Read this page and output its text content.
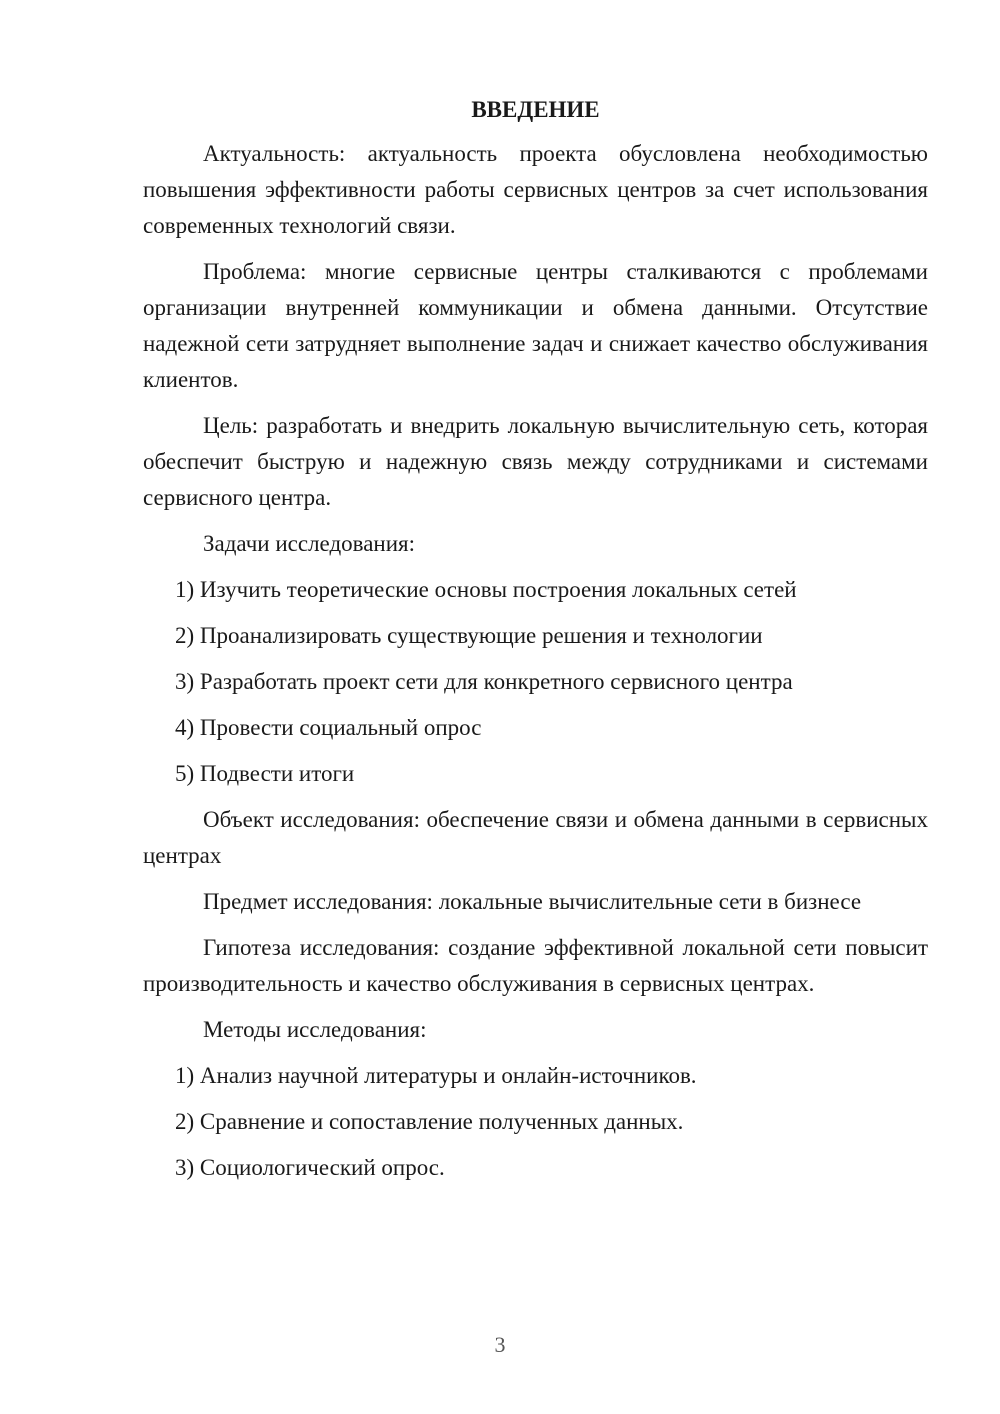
ВВЕДЕНИЕ

Актуальность: актуальность проекта обусловлена необходимостью повышения эффективности работы сервисных центров за счет использования современных технологий связи.

Проблема: многие сервисные центры сталкиваются с проблемами организации внутренней коммуникации и обмена данными. Отсутствие надежной сети затрудняет выполнение задач и снижает качество обслуживания клиентов.

Цель: разработать и внедрить локальную вычислительную сеть, которая обеспечит быструю и надежную связь между сотрудниками и системами сервисного центра.

Задачи исследования:

1) Изучить теоретические основы построения локальных сетей
2) Проанализировать существующие решения и технологии
3) Разработать проект сети для конкретного сервисного центра
4) Провести социальный опрос
5) Подвести итоги

Объект исследования: обеспечение связи и обмена данными в сервисных центрах

Предмет исследования: локальные вычислительные сети в бизнесе

Гипотеза исследования: создание эффективной локальной сети повысит производительность и качество обслуживания в сервисных центрах.

Методы исследования:

1) Анализ научной литературы и онлайн-источников.
2) Сравнение и сопоставление полученных данных.
3) Социологический опрос.
3
